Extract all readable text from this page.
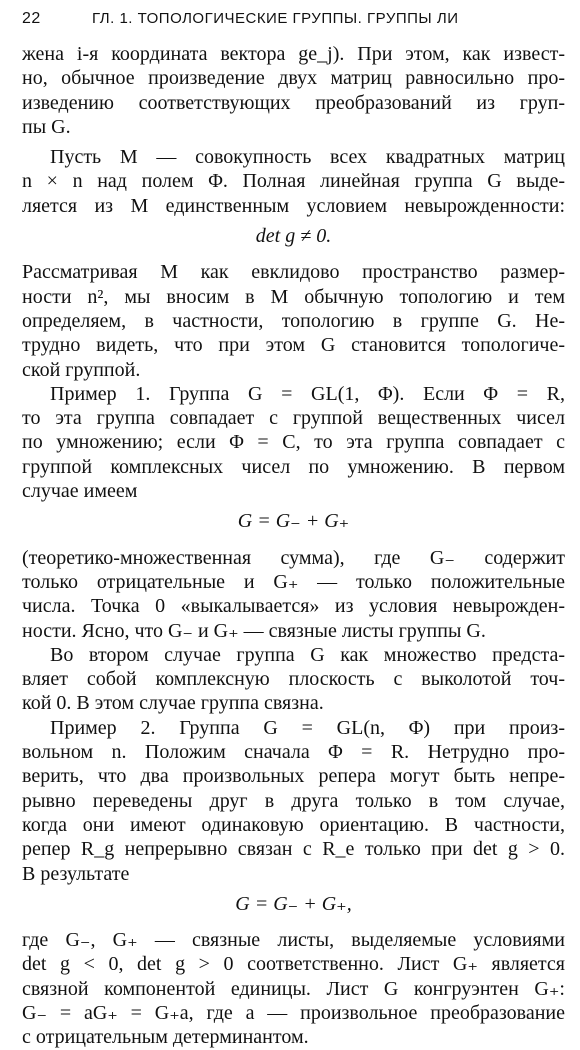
22	ГЛ. 1. ТОПОЛОГИЧЕСКИЕ ГРУППЫ. ГРУППЫ ЛИ
жена i-я координата вектора ge_j). При этом, как извест-
но, обычное произведение двух матриц равносильно про-
изведению соответствующих преобразований из груп-
пы G.
Пусть M — совокупность всех квадратных матриц
n × n над полем Φ. Полная линейная группа G выде-
ляется из M единственным условием невырожденности:
det g ≠ 0.
Рассматривая M как евклидово пространство размер-
ности n², мы вносим в M обычную топологию и тем
определяем, в частности, топологию в группе G. Не-
трудно видеть, что при этом G становится топологиче-
ской группой.
Пример 1. Группа G = GL(1, Φ). Если Φ = R,
то эта группа совпадает с группой вещественных чисел
по умножению; если Φ = C, то эта группа совпадает с
группой комплексных чисел по умножению. В первом
случае имеем
G = G₋ + G₊
(теоретико-множественная сумма), где G₋ содержит
только отрицательные и G₊ — только положительные
числа. Точка 0 «выкалывается» из условия невырожден-
ности. Ясно, что G₋ и G₊ — связные листы группы G.
Во втором случае группа G как множество предста-
вляет собой комплексную плоскость с выколотой точ-
кой 0. В этом случае группа связна.
Пример 2. Группа G = GL(n, Φ) при произ-
вольном n. Положим сначала Φ = R. Нетрудно про-
верить, что два произвольных репера могут быть непре-
рывно переведены друг в друга только в том случае,
когда они имеют одинаковую ориентацию. В частности,
репер R_g непрерывно связан с R_e только при det g > 0.
В результате
G = G₋ + G₊,
где G₋, G₊ — связные листы, выделяемые условиями
det g < 0, det g > 0 соответственно. Лист G₊ является
связной компонентой единицы. Лист G конгруэнтен G₊:
G₋ = aG₊ = G₊a, где a — произвольное преобразование
с отрицательным детерминантом.
